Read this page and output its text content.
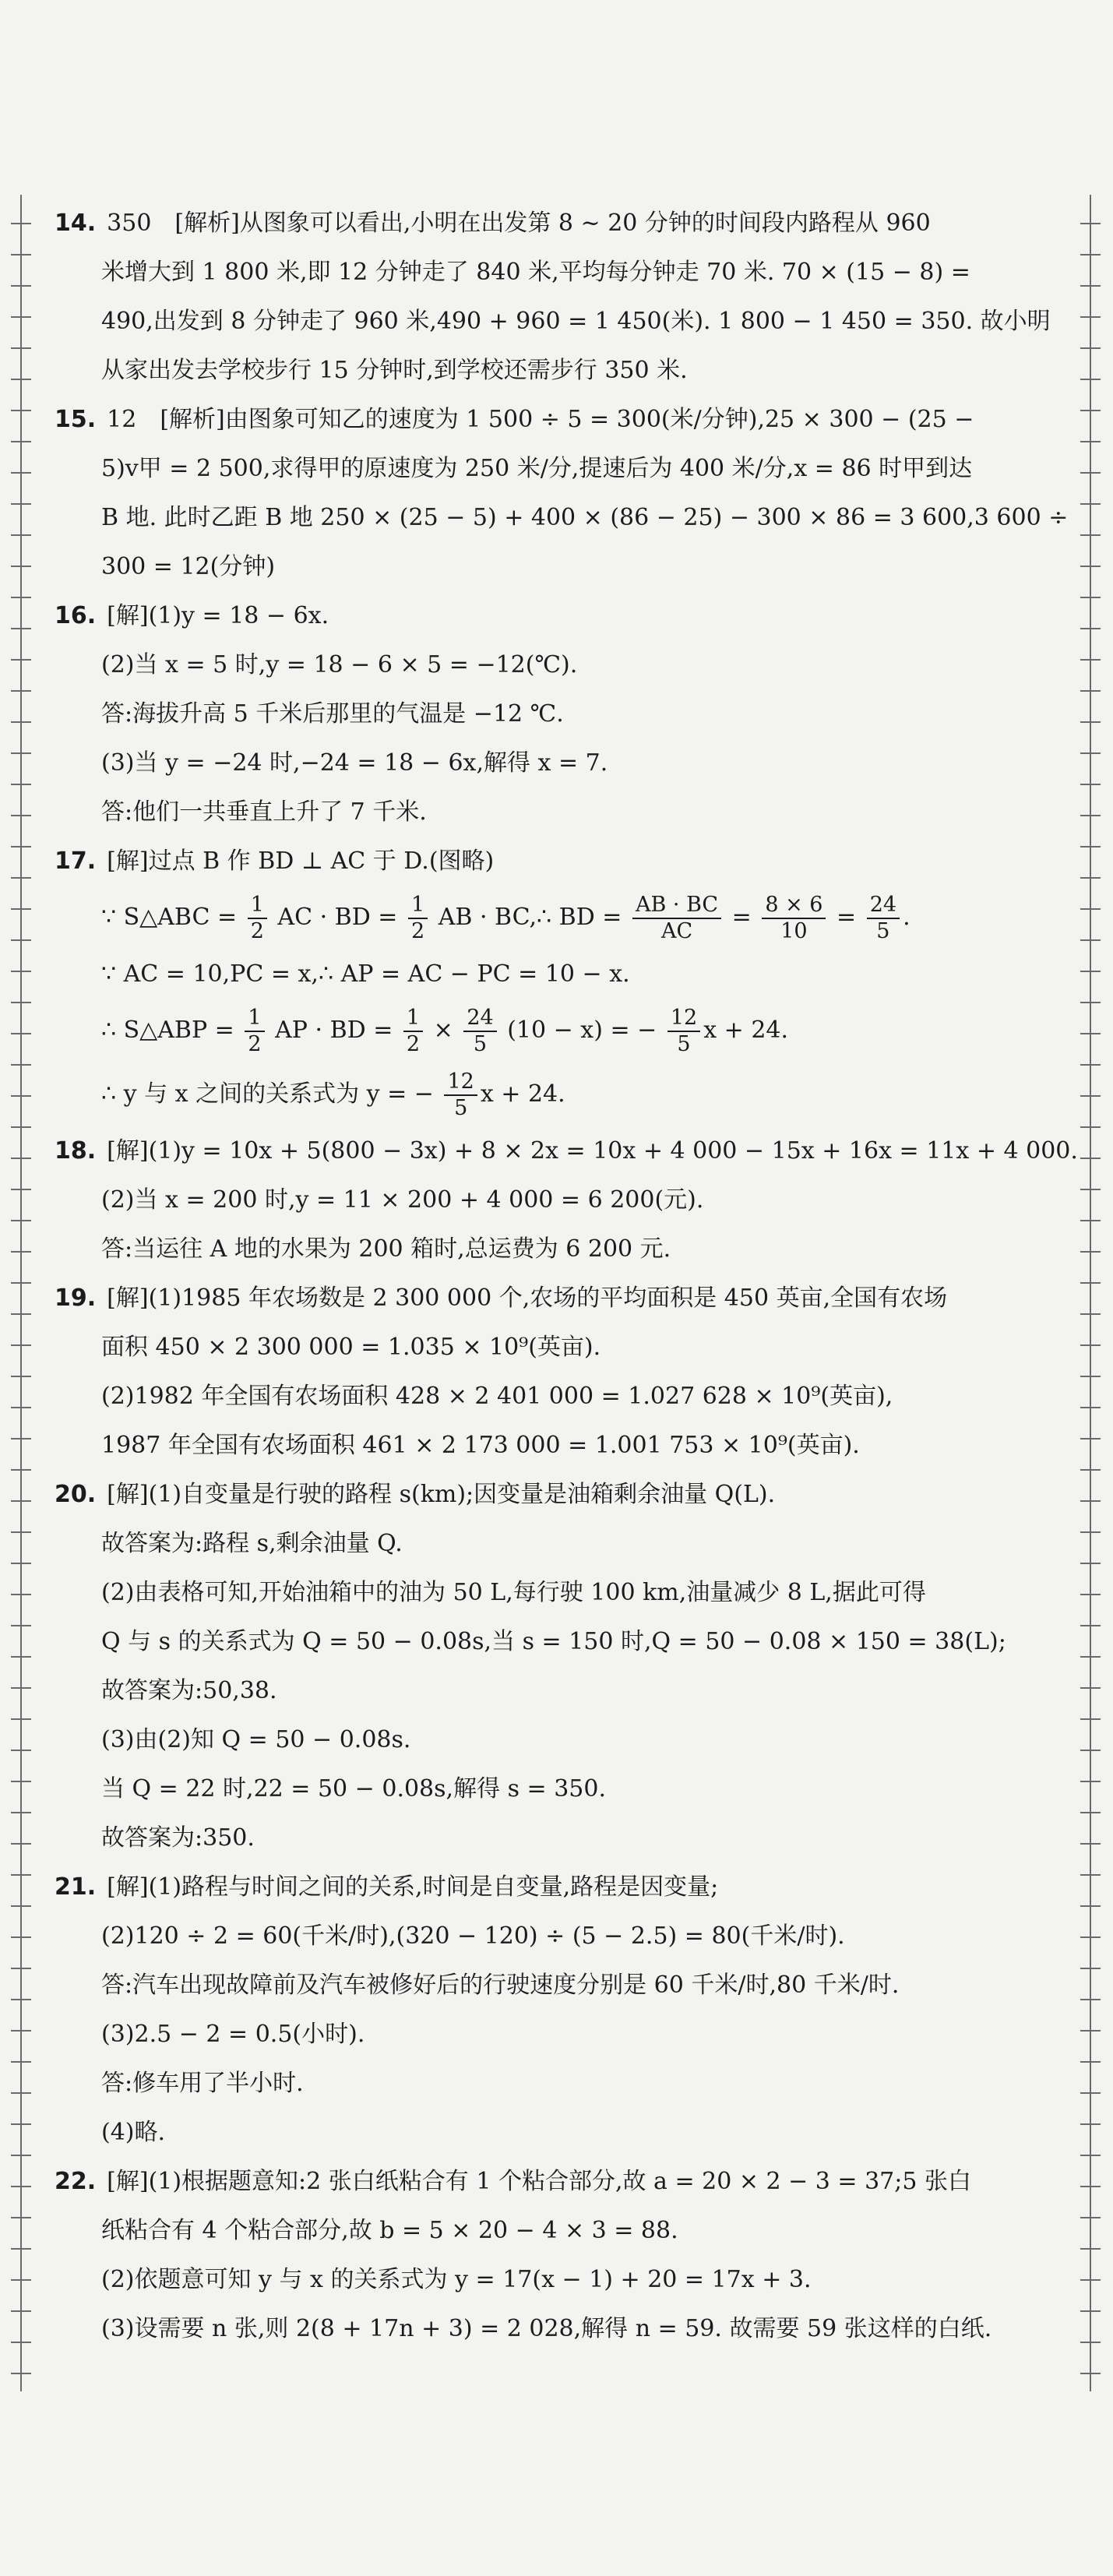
14. 350　[解析]从图象可以看出,小明在出发第 8 ~ 20 分钟的时间段内路程从 960
米增大到 1 800 米,即 12 分钟走了 840 米,平均每分钟走 70 米. 70 × (15 − 8) =
490,出发到 8 分钟走了 960 米,490 + 960 = 1 450(米). 1 800 − 1 450 = 350. 故小明
从家出发去学校步行 15 分钟时,到学校还需步行 350 米.
15. 12　[解析]由图象可知乙的速度为 1 500 ÷ 5 = 300(米/分钟),25 × 300 − (25 −
5)v甲 = 2 500,求得甲的原速度为 250 米/分,提速后为 400 米/分,x = 86 时甲到达
B 地. 此时乙距 B 地 250 × (25 − 5) + 400 × (86 − 25) − 300 × 86 = 3 600,3 600 ÷
300 = 12(分钟)
16. [解](1)y = 18 − 6x.
(2)当 x = 5 时,y = 18 − 6 × 5 = −12(℃).
答:海拔升高 5 千米后那里的气温是 −12 ℃.
(3)当 y = −24 时,−24 = 18 − 6x,解得 x = 7.
答:他们一共垂直上升了 7 千米.
17. [解]过点 B 作 BD ⊥ AC 于 D.(图略)
∵ S△ABC = $\frac{1}{2}$ AC · BD = $\frac{1}{2}$ AB · BC,∴ BD = $\frac{AB \cdot BC}{AC} = \frac{8 \times 6}{10} = \frac{24}{5}$ .
∵ AC = 10,PC = x,∴ AP = AC − PC = 10 − x.
∴ S△ABP = $\frac{1}{2}$ AP · BD = $\frac{1}{2} \times \frac{24}{5} (10 - x)$ = − $\frac{12}{5}$ x + 24.
∴ y 与 x 之间的关系式为 y = − $\frac{12}{5}$ x + 24.
18. [解](1)y = 10x + 5(800 − 3x) + 8 × 2x = 10x + 4 000 − 15x + 16x = 11x + 4 000.
(2)当 x = 200 时,y = 11 × 200 + 4 000 = 6 200(元).
答:当运往 A 地的水果为 200 箱时,总运费为 6 200 元.
19. [解](1)1985 年农场数是 2 300 000 个,农场的平均面积是 450 英亩,全国有农场
面积 450 × 2 300 000 = 1.035 × 10⁹(英亩).
(2)1982 年全国有农场面积 428 × 2 401 000 = 1.027 628 × 10⁹(英亩),
1987 年全国有农场面积 461 × 2 173 000 = 1.001 753 × 10⁹(英亩).
20. [解](1)自变量是行驶的路程 s(km);因变量是油箱剩余油量 Q(L).
故答案为:路程 s,剩余油量 Q.
(2)由表格可知,开始油箱中的油为 50 L,每行驶 100 km,油量减少 8 L,据此可得
Q 与 s 的关系式为 Q = 50 − 0.08s,当 s = 150 时,Q = 50 − 0.08 × 150 = 38(L);
故答案为:50,38.
(3)由(2)知 Q = 50 − 0.08s.
当 Q = 22 时,22 = 50 − 0.08s,解得 s = 350.
故答案为:350.
21. [解](1)路程与时间之间的关系,时间是自变量,路程是因变量;
(2)120 ÷ 2 = 60(千米/时),(320 − 120) ÷ (5 − 2.5) = 80(千米/时).
答:汽车出现故障前及汽车被修好后的行驶速度分别是 60 千米/时,80 千米/时.
(3)2.5 − 2 = 0.5(小时).
答:修车用了半小时.
(4)略.
22. [解](1)根据题意知:2 张白纸粘合有 1 个粘合部分,故 a = 20 × 2 − 3 = 37;5 张白
纸粘合有 4 个粘合部分,故 b = 5 × 20 − 4 × 3 = 88.
(2)依题意可知 y 与 x 的关系式为 y = 17(x − 1) + 20 = 17x + 3.
(3)设需要 n 张,则 2(8 + 17n + 3) = 2 028,解得 n = 59. 故需要 59 张这样的白纸.
